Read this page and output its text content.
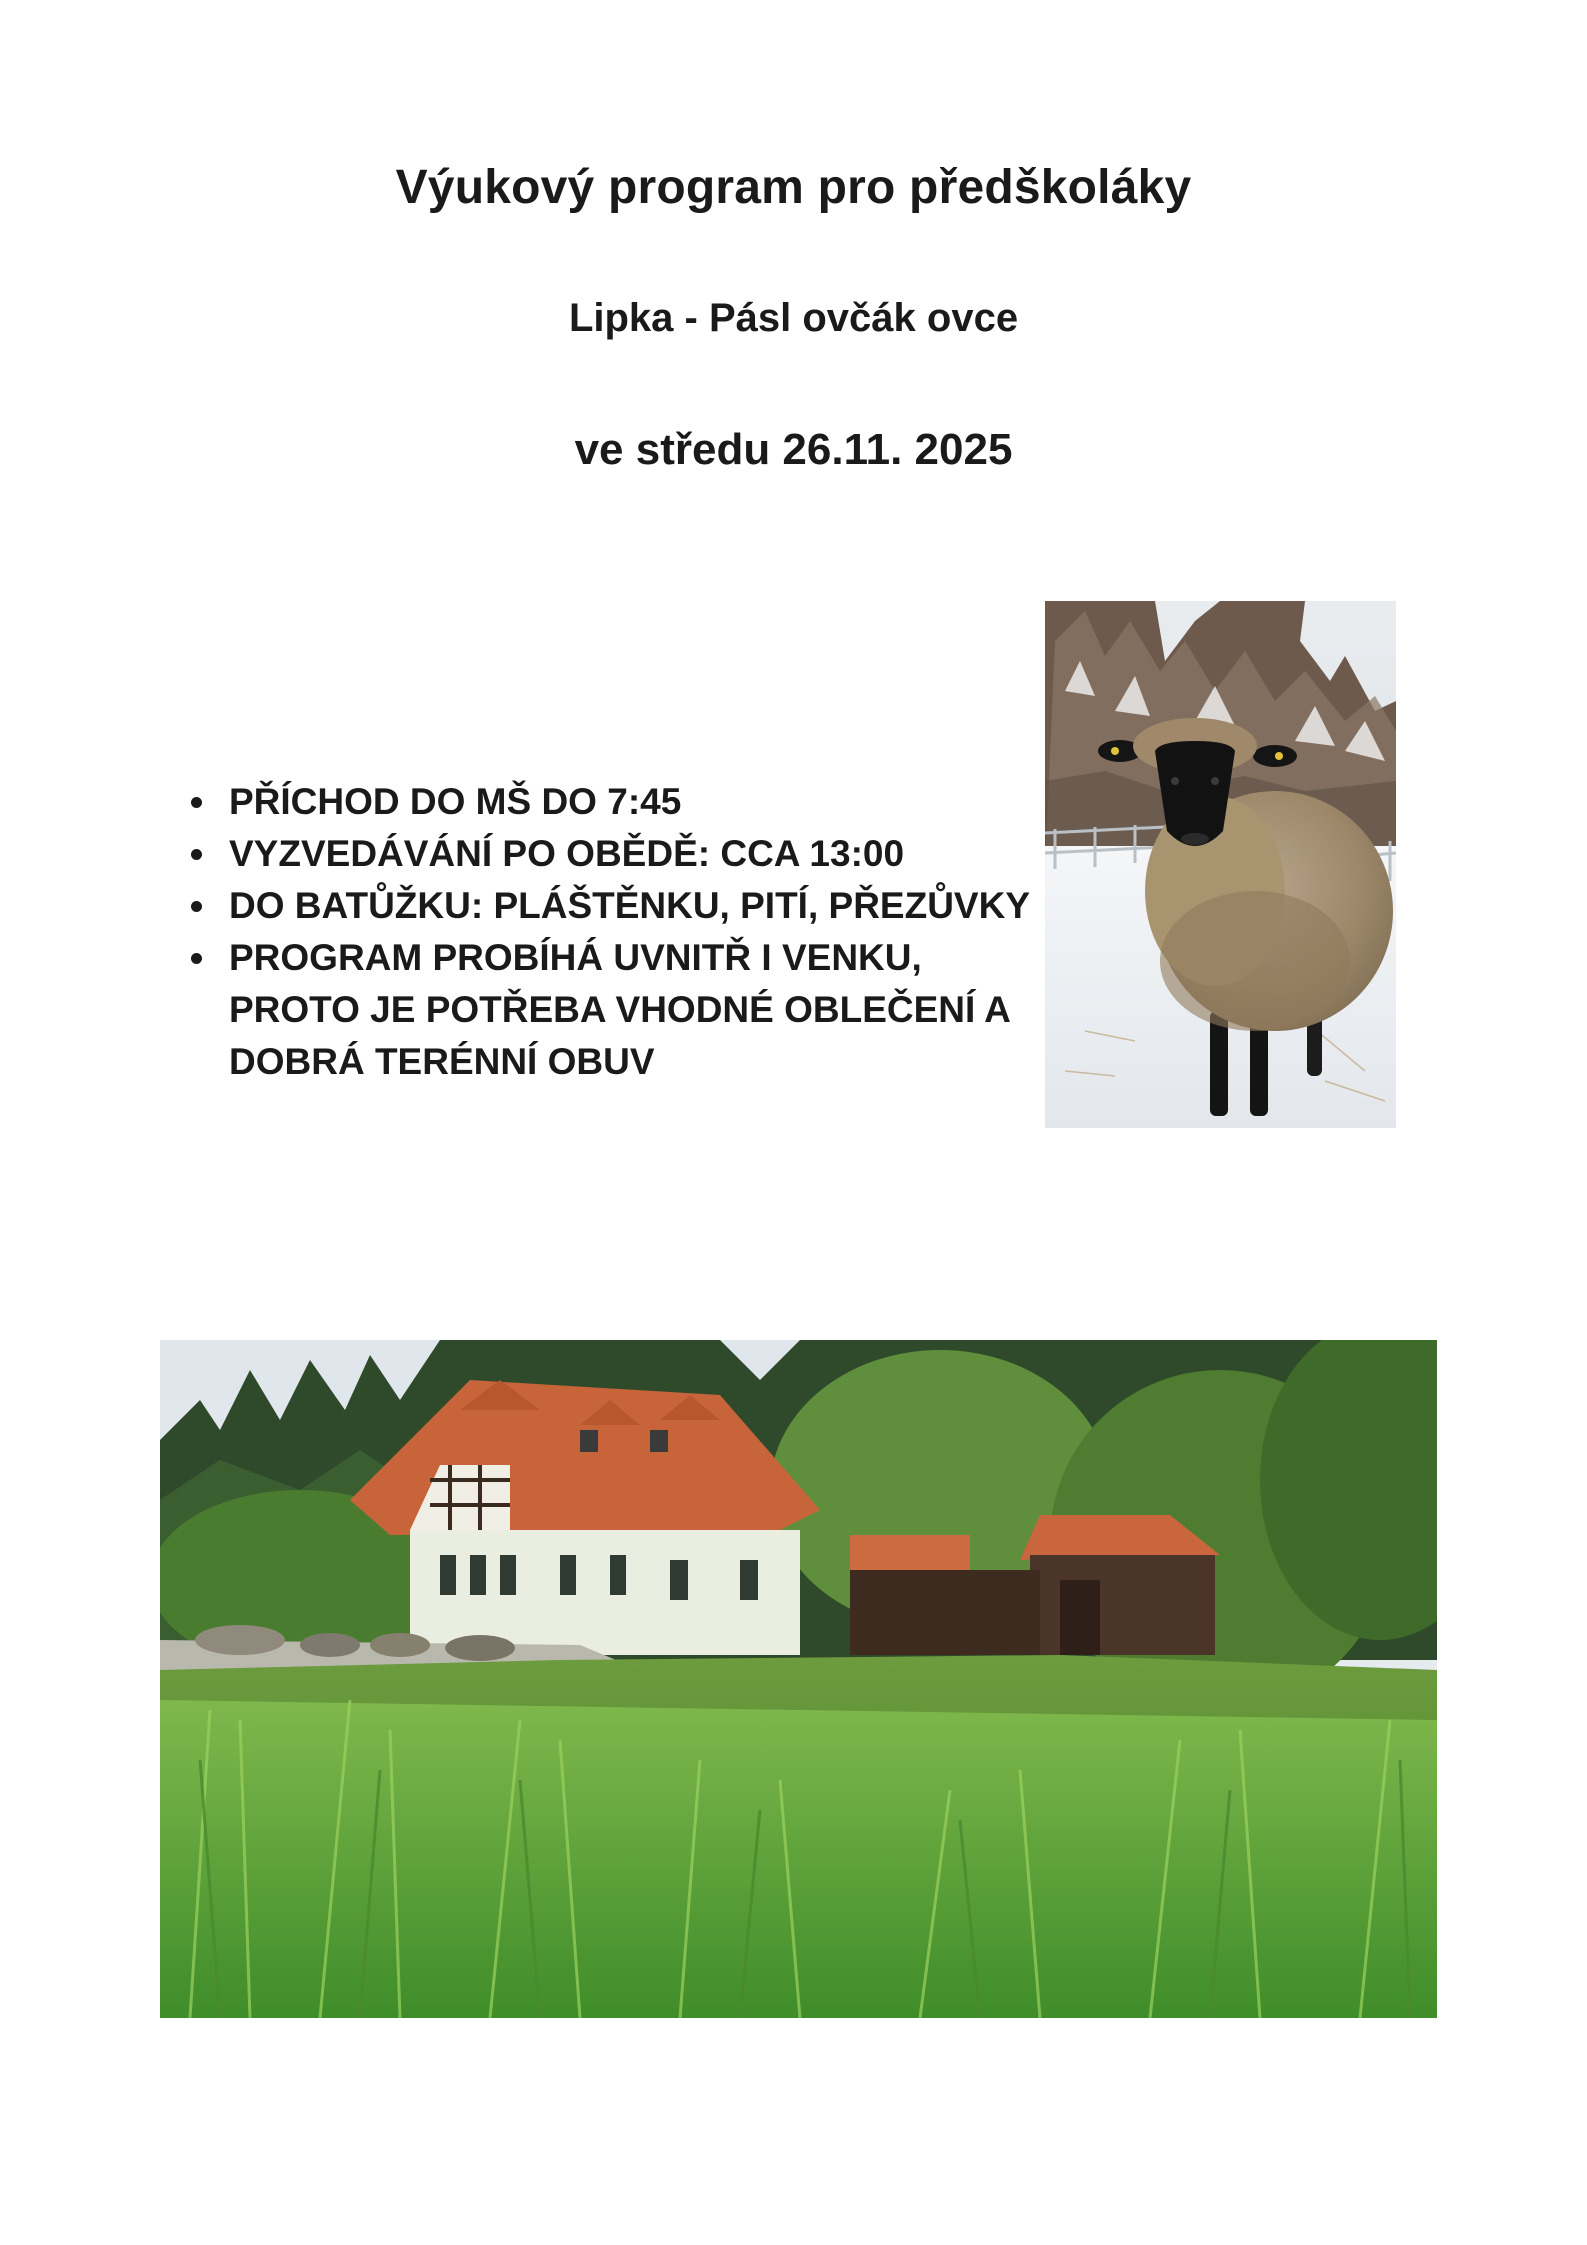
Výukový program pro předškoláky
Lipka - Pásl ovčák ovce
ve středu 26.11. 2025
PŘÍCHOD DO MŠ DO 7:45
VYZVEDÁVÁNÍ PO OBĚDĚ: CCA 13:00
DO BATŮŽKU: PLÁŠTĚNKU, PITÍ, PŘEZŮVKY
PROGRAM PROBÍHÁ UVNITŘ I VENKU,
PROTO JE POTŘEBA VHODNÉ OBLEČENÍ A
DOBRÁ TERÉNNÍ OBUV
